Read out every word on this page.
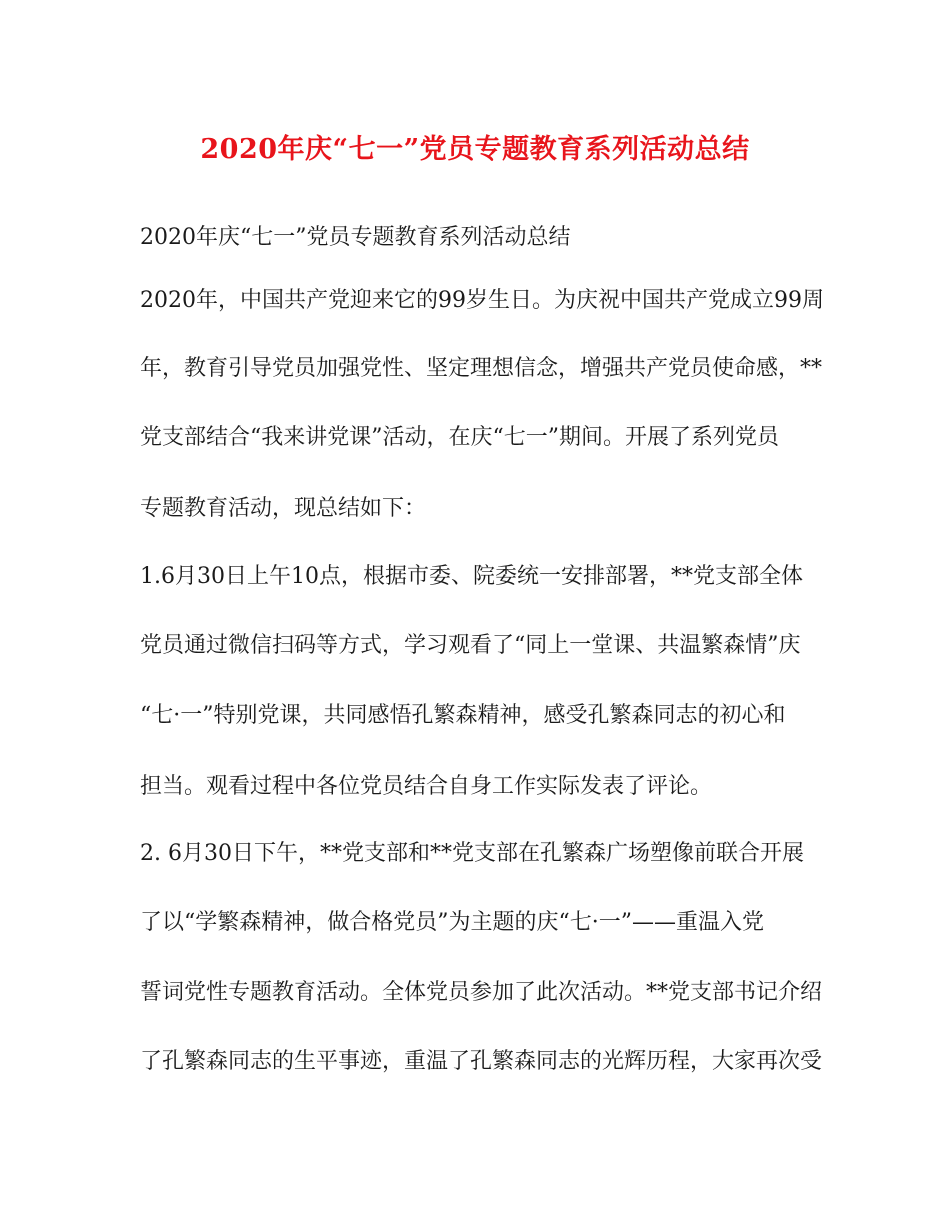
2020年庆“七一”党员专题教育系列活动总结
2020年庆“七一”党员专题教育系列活动总结
2020年，中国共产党迎来它的99岁生日。为庆祝中国共产党成立99周
年，教育引导党员加强党性、坚定理想信念，增强共产党员使命感，**
党支部结合“我来讲党课”活动，在庆“七一”期间。开展了系列党员
专题教育活动，现总结如下：
1.6月30日上午10点，根据市委、院委统一安排部署，**党支部全体
党员通过微信扫码等方式，学习观看了“同上一堂课、共温繁森情”庆
“七·一”特别党课，共同感悟孔繁森精神，感受孔繁森同志的初心和
担当。观看过程中各位党员结合自身工作实际发表了评论。
2. 6月30日下午，**党支部和**党支部在孔繁森广场塑像前联合开展
了以“学繁森精神，做合格党员”为主题的庆“七·一”——重温入党
誓词党性专题教育活动。全体党员参加了此次活动。**党支部书记介绍
了孔繁森同志的生平事迹，重温了孔繁森同志的光辉历程，大家再次受
